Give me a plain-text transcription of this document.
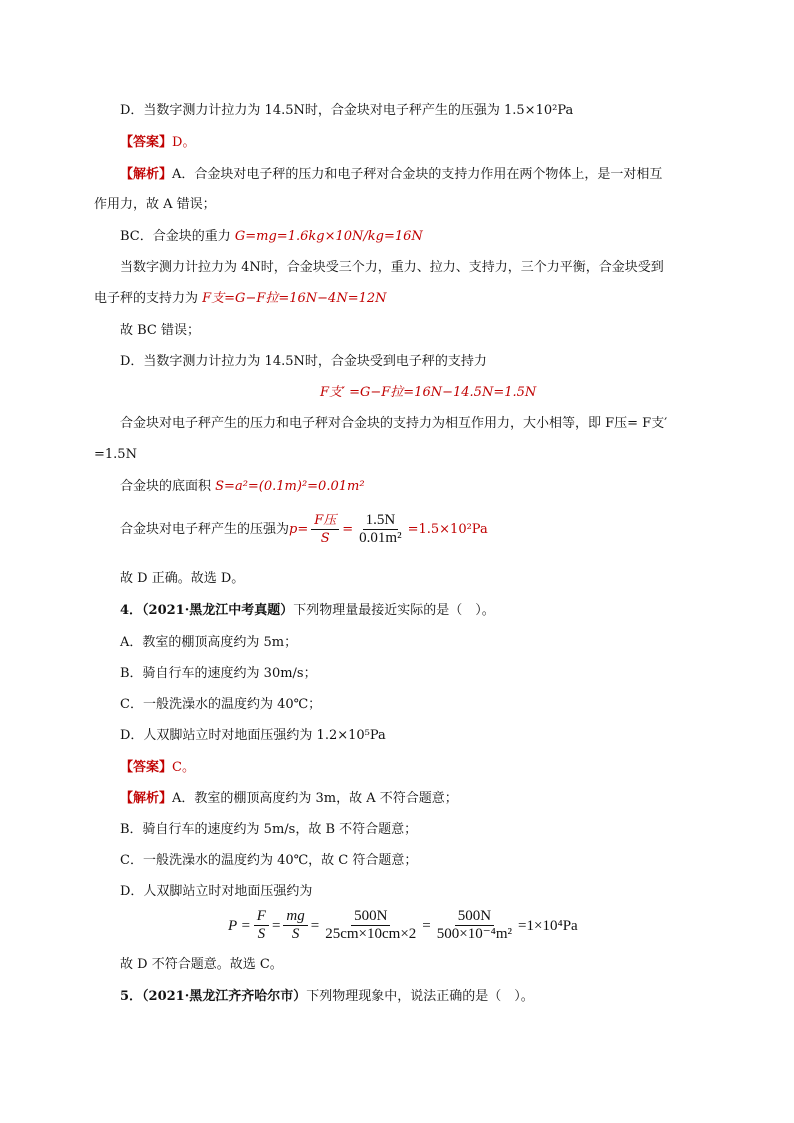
D．当数字测力计拉力为 14.5N时，合金块对电子秤产生的压强为 1.5×10²Pa
【答案】D。
【解析】A．合金块对电子秤的压力和电子秤对合金块的支持力作用在两个物体上，是一对相互
作用力，故 A 错误；
BC．合金块的重力 G=mg=1.6kg×10N/kg=16N
当数字测力计拉力为 4N时，合金块受三个力，重力、拉力、支持力，三个力平衡，合金块受到
电子秤的支持力为 F支=G−F拉=16N−4N=12N
故 BC 错误；
D．当数字测力计拉力为 14.5N时，合金块受到电子秤的支持力
F支′ =G−F拉=16N−14.5N=1.5N
合金块对电子秤产生的压力和电子秤对合金块的支持力为相互作用力，大小相等，即 F压= F支′
=1.5N
合金块的底面积 S=a²=(0.1m)²=0.01m²
合金块对电子秤产生的压强为 $p= \frac{\text{F压}}{S} = \frac{1.5N}{\text{0.01m²}} =1.5\times 10^2Pa$
故 D 正确。故选 D。
4．（2021·黑龙江中考真题）下列物理量最接近实际的是（　）。
A．教室的棚顶高度约为 5m；
B．骑自行车的速度约为 30m/s；
C．一般洗澡水的温度约为 40℃；
D．人双脚站立时对地面压强约为 1.2×10⁵Pa
【答案】C。
【解析】A．教室的棚顶高度约为 3m，故 A 不符合题意；
B．骑自行车的速度约为 5m/s，故 B 不符合题意；
C．一般洗澡水的温度约为 40℃，故 C 符合题意；
D．人双脚站立时对地面压强约为
$P = \frac{F}{S} = \frac{mg}{S} = \frac{500N}{25cm\times 10cm\times 2} = \frac{500N}{\text{500×10⁻⁴m²}} =1\times 10^4Pa$
故 D 不符合题意。故选 C。
5．（2021·黑龙江齐齐哈尔市）下列物理现象中，说法正确的是（　）。
